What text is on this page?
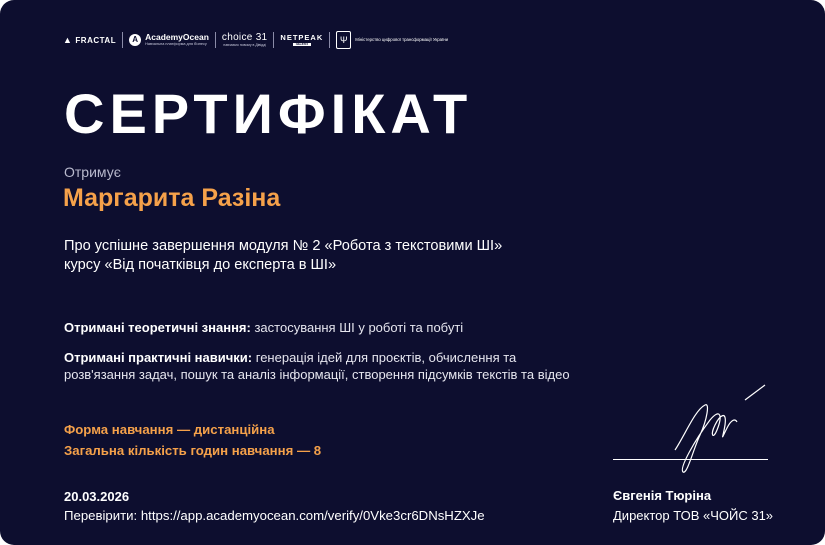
▲ FRACTAL	A AcademyOcean
Навчальна платформа для бізнесу
choice 31
навчаємо новому в Дівідді
NETPEAK
TALENT	Ψ	Міністерство цифрової трансформації України
СЕРТИФІКАТ
Отримує
Маргарита Разіна
Про успішне завершення модуля № 2 «Робота з текстовими ШІ»
курсу «Від початківця до експерта в ШІ»
Отримані теоретичні знання: застосування ШІ у роботі та побуті
Отримані практичні навички: генерація ідей для проєктів, обчислення та
розв'язання задач, пошук та аналіз інформації, створення підсумків текстів та відео
Форма навчання — дистанційна
Загальна кількість годин навчання — 8
20.03.2026
Перевірити: https://app.academyocean.com/verify/0Vke3cr6DNsHZXJe
Євгенія Тюріна
Директор ТОВ «ЧОЙС 31»
